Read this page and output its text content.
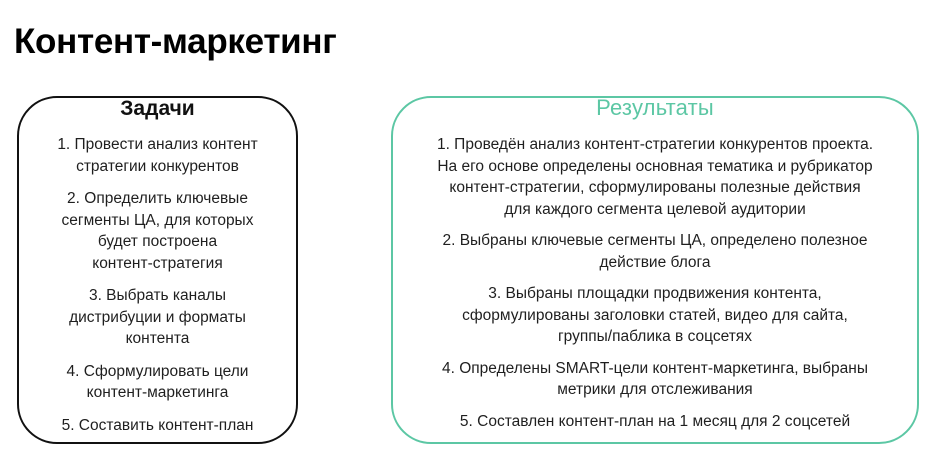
Контент-маркетинг
Задачи
1. Провести анализ контент
стратегии конкурентов
2. Определить ключевые
сегменты ЦА, для которых
будет построена
контент-стратегия
3. Выбрать каналы
дистрибуции и форматы
контента
4. Сформулировать цели
контент-маркетинга
5. Составить контент-план
Результаты
1. Проведён анализ контент-стратегии конкурентов проекта.
На его основе определены основная тематика и рубрикатор
контент-стратегии, сформулированы полезные действия
для каждого сегмента целевой аудитории
2. Выбраны ключевые сегменты ЦА, определено полезное
действие блога
3. Выбраны площадки продвижения контента,
сформулированы заголовки статей, видео для сайта,
группы/паблика в соцсетях
4. Определены SMART-цели контент-маркетинга, выбраны
метрики для отслеживания
5. Составлен контент-план на 1 месяц для 2 соцсетей
